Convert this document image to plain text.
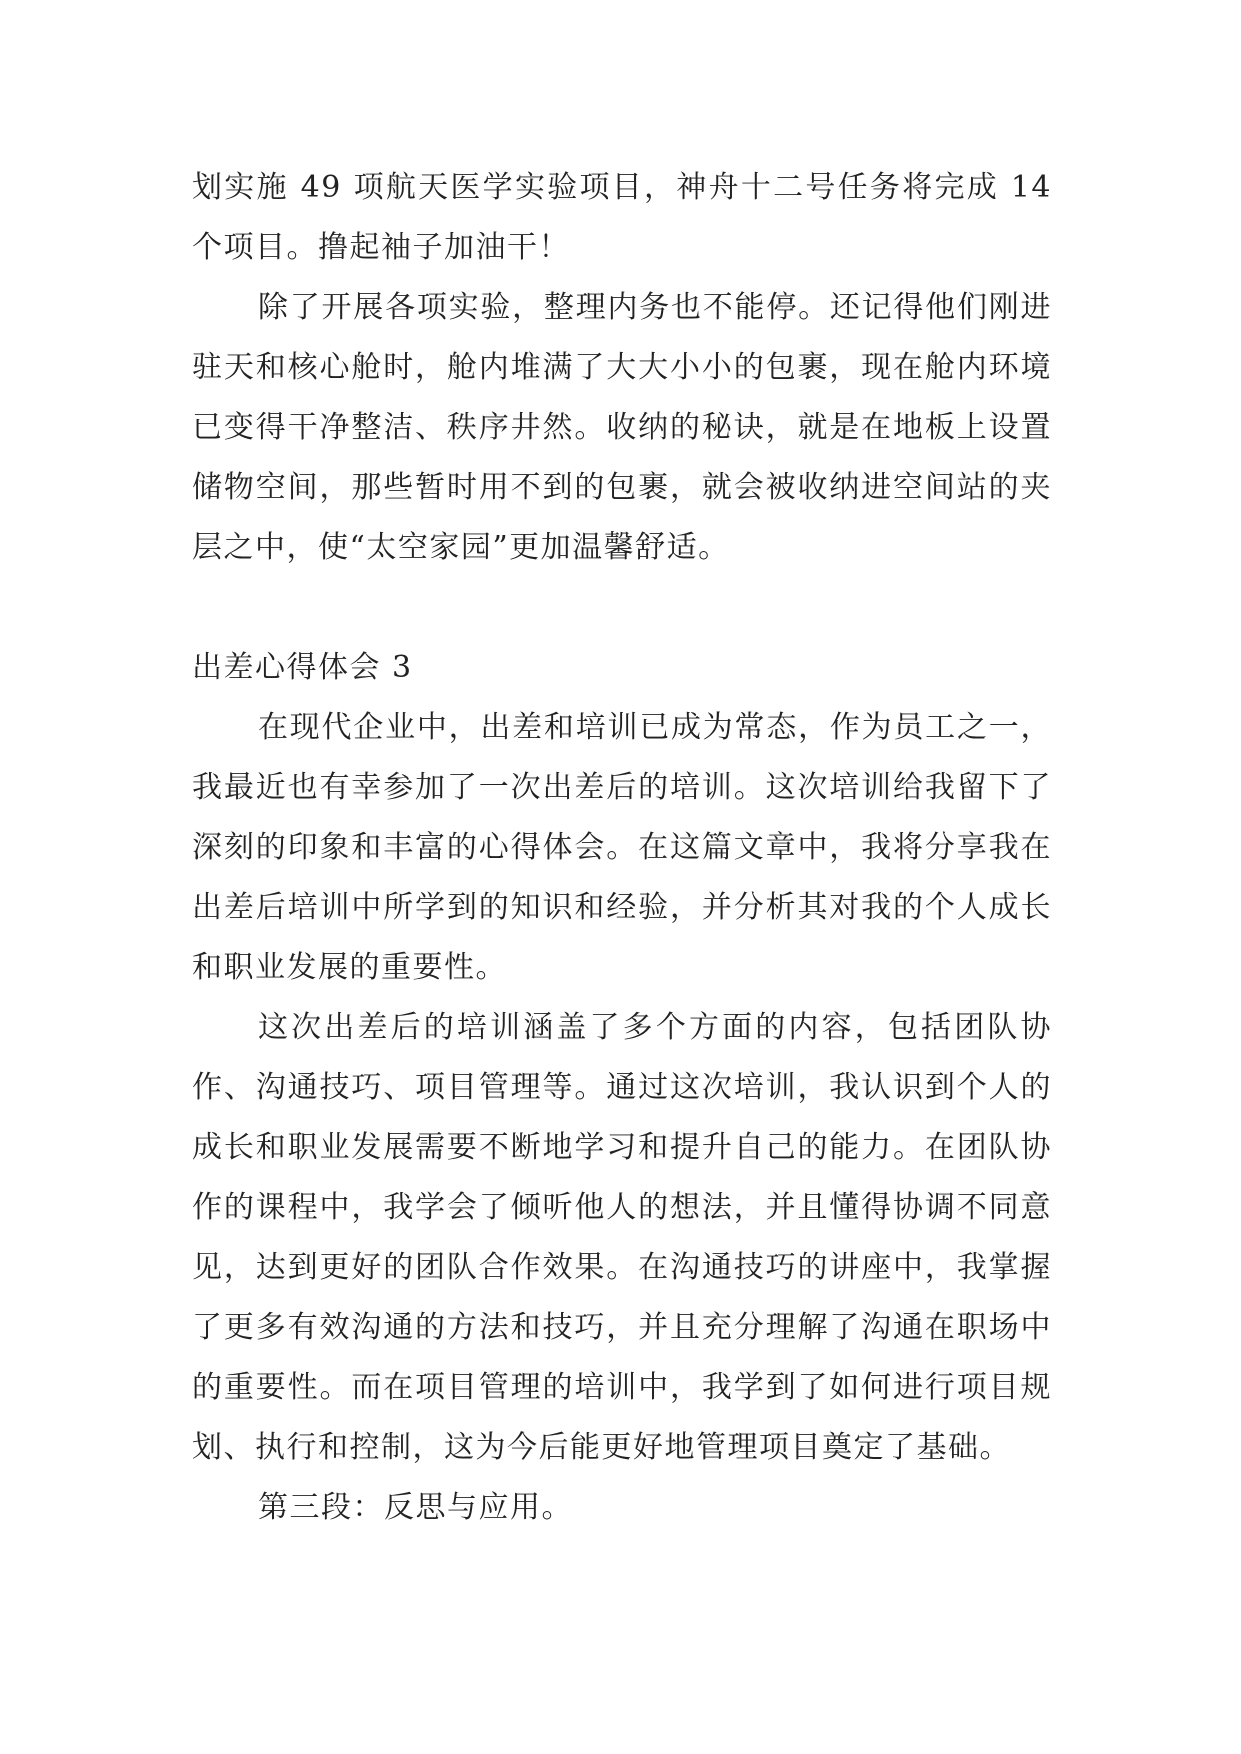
划实施 49 项航天医学实验项目，神舟十二号任务将完成 14 个项目。撸起袖子加油干！

除了开展各项实验，整理内务也不能停。还记得他们刚进驻天和核心舱时，舱内堆满了大大小小的包裹，现在舱内环境已变得干净整洁、秩序井然。收纳的秘诀，就是在地板上设置储物空间，那些暂时用不到的包裹，就会被收纳进空间站的夹层之中，使“太空家园”更加温馨舒适。

出差心得体会 3

在现代企业中，出差和培训已成为常态，作为员工之一，我最近也有幸参加了一次出差后的培训。这次培训给我留下了深刻的印象和丰富的心得体会。在这篇文章中，我将分享我在出差后培训中所学到的知识和经验，并分析其对我的个人成长和职业发展的重要性。

这次出差后的培训涵盖了多个方面的内容，包括团队协作、沟通技巧、项目管理等。通过这次培训，我认识到个人的成长和职业发展需要不断地学习和提升自己的能力。在团队协作的课程中，我学会了倾听他人的想法，并且懂得协调不同意见，达到更好的团队合作效果。在沟通技巧的讲座中，我掌握了更多有效沟通的方法和技巧，并且充分理解了沟通在职场中的重要性。而在项目管理的培训中，我学到了如何进行项目规划、执行和控制，这为今后能更好地管理项目奠定了基础。

第三段：反思与应用。
